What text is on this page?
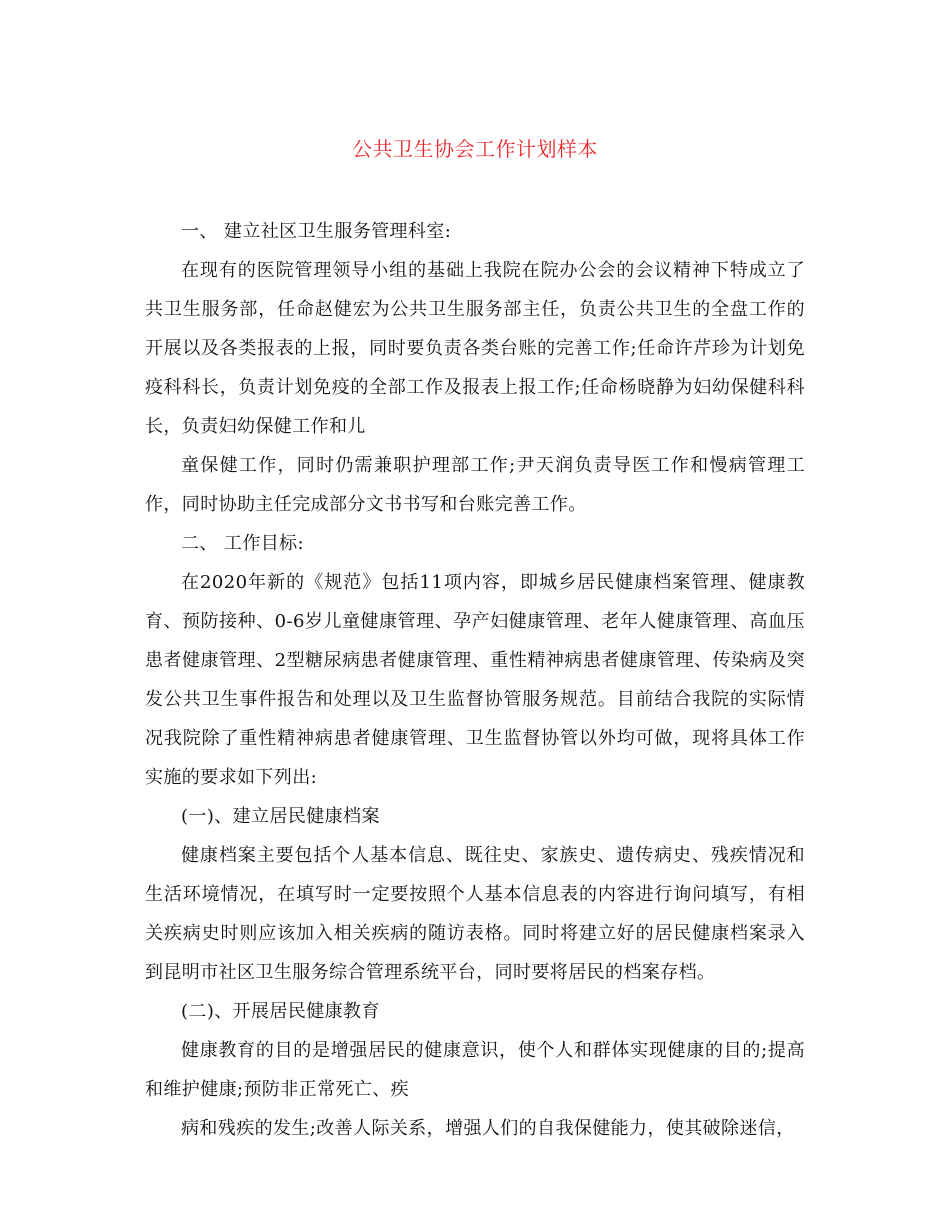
公共卫生协会工作计划样本

一、 建立社区卫生服务管理科室:

在现有的医院管理领导小组的基础上我院在院办公会的会议精神下特成立了共卫生服务部，任命赵健宏为公共卫生服务部主任，负责公共卫生的全盘工作的开展以及各类报表的上报，同时要负责各类台账的完善工作;任命许芹珍为计划免疫科科长，负责计划免疫的全部工作及报表上报工作;任命杨晓静为妇幼保健科科长，负责妇幼保健工作和儿

童保健工作，同时仍需兼职护理部工作;尹天润负责导医工作和慢病管理工作，同时协助主任完成部分文书书写和台账完善工作。

二、 工作目标:

在2020年新的《规范》包括11项内容，即城乡居民健康档案管理、健康教育、预防接种、0-6岁儿童健康管理、孕产妇健康管理、老年人健康管理、高血压患者健康管理、2型糖尿病患者健康管理、重性精神病患者健康管理、传染病及突发公共卫生事件报告和处理以及卫生监督协管服务规范。目前结合我院的实际情况我院除了重性精神病患者健康管理、卫生监督协管以外均可做，现将具体工作实施的要求如下列出:

(一)、建立居民健康档案

健康档案主要包括个人基本信息、既往史、家族史、遗传病史、残疾情况和生活环境情况，在填写时一定要按照个人基本信息表的内容进行询问填写，有相关疾病史时则应该加入相关疾病的随访表格。同时将建立好的居民健康档案录入到昆明市社区卫生服务综合管理系统平台，同时要将居民的档案存档。

(二)、开展居民健康教育

健康教育的目的是增强居民的健康意识，使个人和群体实现健康的目的;提高和维护健康;预防非正常死亡、疾

病和残疾的发生;改善人际关系，增强人们的自我保健能力，使其破除迷信，
